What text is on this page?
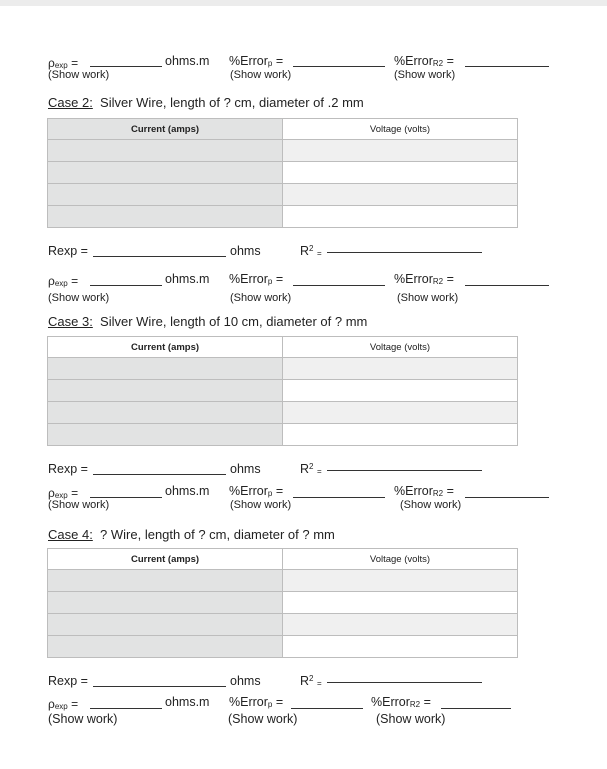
$\rho_{exp}$ =	ohms.m %Errorp =	%ErrorR2 =
(Show work)	(Show work)	(Show work)
Case 2: Silver Wire, length of ? cm, diameter of .2 mm
Current (amps)	Voltage (volts)

Rexp =	ohms	$R^2$ =
$\rho_{exp}$ =	ohms.m %Errorp =	%ErrorR2 =
(Show work)	(Show work)	(Show work)
Case 3: Silver Wire, length of 10 cm, diameter of ? mm
Current (amps)	Voltage (volts)

Rexp =	ohms	$R^2$ =
$\rho_{exp}$ =	ohms.m %Errorp =	%ErrorR2 =
(Show work)	(Show work)	(Show work)
Case 4: ? Wire, length of ? cm, diameter of ? mm
Current (amps)	Voltage (volts)

Rexp =	ohms	$R^2$ =
$\rho_{exp}$ =	ohms.m %Errorp =	%ErrorR2 =
(Show work)	(Show work)	(Show work)
